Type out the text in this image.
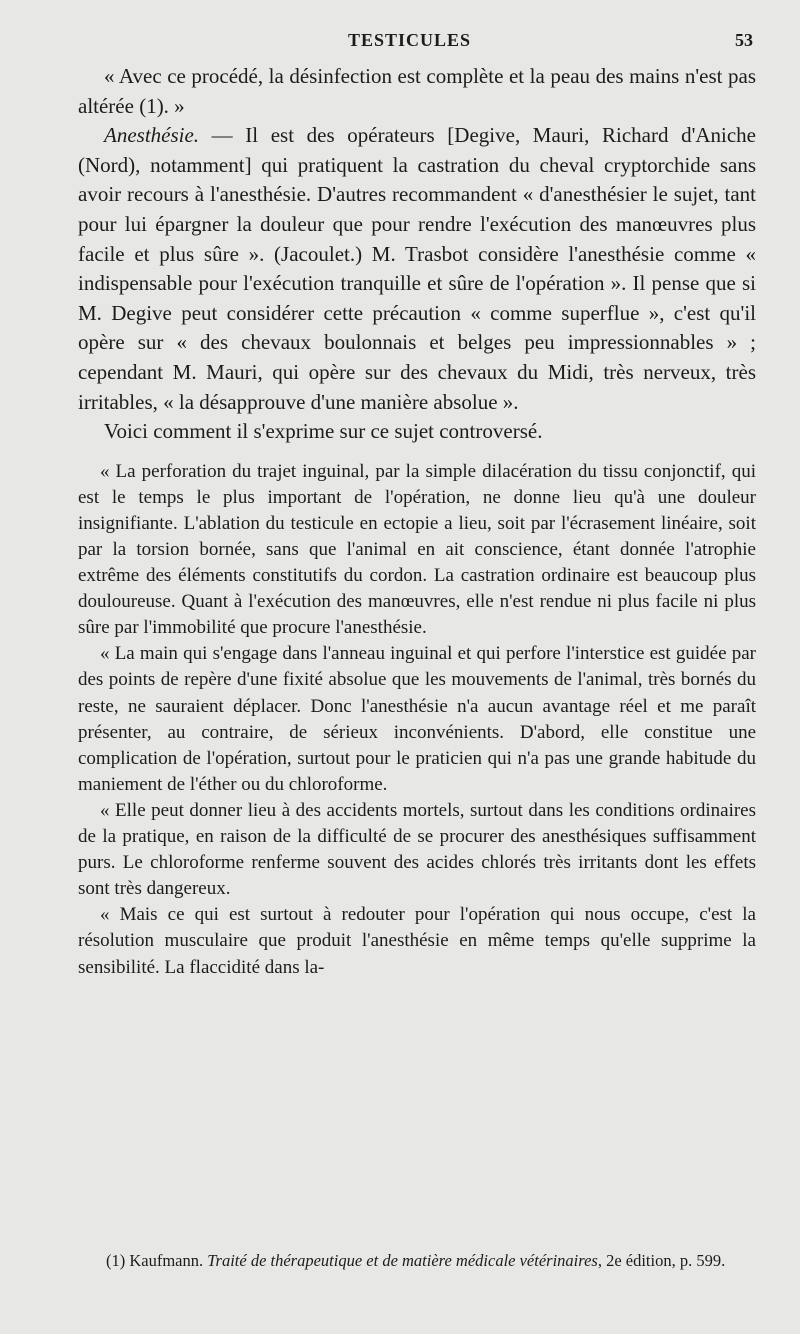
TESTICULES	53

« Avec ce procédé, la désinfection est complète et la peau des mains n'est pas altérée (1). »

Anesthésie. — Il est des opérateurs [Degive, Mauri, Richard d'Aniche (Nord), notamment] qui pratiquent la castration du cheval cryptorchide sans avoir recours à l'anesthésie. D'autres recommandent « d'anesthésier le sujet, tant pour lui épargner la douleur que pour rendre l'exécution des manœuvres plus facile et plus sûre ». (Jacoulet.) M. Trasbot considère l'anesthésie comme « indispensable pour l'exécution tranquille et sûre de l'opération ». Il pense que si M. Degive peut considérer cette précaution « comme superflue », c'est qu'il opère sur « des chevaux boulonnais et belges peu impressionnables » ; cependant M. Mauri, qui opère sur des chevaux du Midi, très nerveux, très irritables, « la désapprouve d'une manière absolue ».

Voici comment il s'exprime sur ce sujet controversé.

« La perforation du trajet inguinal, par la simple dilacération du tissu conjonctif, qui est le temps le plus important de l'opération, ne donne lieu qu'à une douleur insignifiante. L'ablation du testicule en ectopie a lieu, soit par l'écrasement linéaire, soit par la torsion bornée, sans que l'animal en ait conscience, étant donnée l'atrophie extrême des éléments constitutifs du cordon. La castration ordinaire est beaucoup plus douloureuse. Quant à l'exécution des manœuvres, elle n'est rendue ni plus facile ni plus sûre par l'immobilité que procure l'anesthésie.

« La main qui s'engage dans l'anneau inguinal et qui perfore l'interstice est guidée par des points de repère d'une fixité absolue que les mouvements de l'animal, très bornés du reste, ne sauraient déplacer. Donc l'anesthésie n'a aucun avantage réel et me paraît présenter, au contraire, de sérieux inconvénients. D'abord, elle constitue une complication de l'opération, surtout pour le praticien qui n'a pas une grande habitude du maniement de l'éther ou du chloroforme.

« Elle peut donner lieu à des accidents mortels, surtout dans les conditions ordinaires de la pratique, en raison de la difficulté de se procurer des anesthésiques suffisamment purs. Le chloroforme renferme souvent des acides chlorés très irritants dont les effets sont très dangereux.

« Mais ce qui est surtout à redouter pour l'opération qui nous occupe, c'est la résolution musculaire que produit l'anesthésie en même temps qu'elle supprime la sensibilité. La flaccidité dans la-

(1) Kaufmann. Traité de thérapeutique et de matière médicale vétérinaires, 2e édition, p. 599.
